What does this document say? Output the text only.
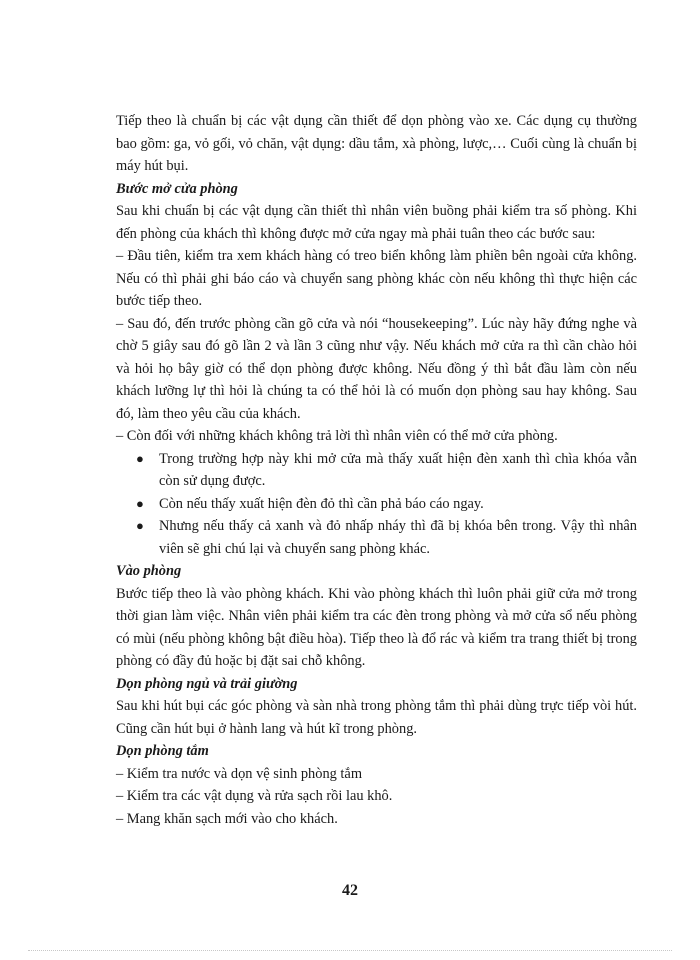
Tiếp theo là chuẩn bị các vật dụng cần thiết để dọn phòng vào xe. Các dụng cụ thường bao gồm: ga, vỏ gối, vỏ chăn, vật dụng: dầu tắm, xà phòng, lược,… Cuối cùng là chuẩn bị máy hút bụi.

Bước mở cửa phòng

Sau khi chuẩn bị các vật dụng cần thiết thì nhân viên buồng phải kiểm tra số phòng. Khi đến phòng của khách thì không được mở cửa ngay mà phải tuân theo các bước sau:

– Đầu tiên, kiểm tra xem khách hàng có treo biển không làm phiền bên ngoài cửa không. Nếu có thì phải ghi báo cáo và chuyển sang phòng khác còn nếu không thì thực hiện các bước tiếp theo.

– Sau đó, đến trước phòng cần gõ cửa và nói “housekeeping”. Lúc này hãy đứng nghe và chờ 5 giây sau đó gõ lần 2 và lần 3 cũng như vậy. Nếu khách mở cửa ra thì cần chào hỏi và hỏi họ bây giờ có thể dọn phòng được không. Nếu đồng ý thì bắt đầu làm còn nếu khách lưỡng lự thì hỏi là chúng ta có thể hỏi là có muốn dọn phòng sau hay không. Sau đó, làm theo yêu cầu của khách.

– Còn đối với những khách không trả lời thì nhân viên có thể mở cửa phòng.

● Trong trường hợp này khi mở cửa mà thấy xuất hiện đèn xanh thì chìa khóa vẫn còn sử dụng được.
● Còn nếu thấy xuất hiện đèn đỏ thì cần phả báo cáo ngay.
● Nhưng nếu thấy cả xanh và đỏ nhấp nháy thì đã bị khóa bên trong. Vậy thì nhân viên sẽ ghi chú lại và chuyển sang phòng khác.
Vào phòng

Bước tiếp theo là vào phòng khách. Khi vào phòng khách thì luôn phải giữ cửa mở trong thời gian làm việc. Nhân viên phải kiểm tra các đèn trong phòng và mở cửa sổ nếu phòng có mùi (nếu phòng không bật điều hòa). Tiếp theo là đổ rác và kiểm tra trang thiết bị trong phòng có đầy đủ hoặc bị đặt sai chỗ không.

Dọn phòng ngủ và trải giường

Sau khi hút bụi các góc phòng và sàn nhà trong phòng tắm thì phải dùng trực tiếp vòi hút. Cũng cần hút bụi ở hành lang và hút kĩ trong phòng.

Dọn phòng tắm

– Kiểm tra nước và dọn vệ sinh phòng tắm

– Kiểm tra các vật dụng và rửa sạch rồi lau khô.

– Mang khăn sạch mới vào cho khách.

42
